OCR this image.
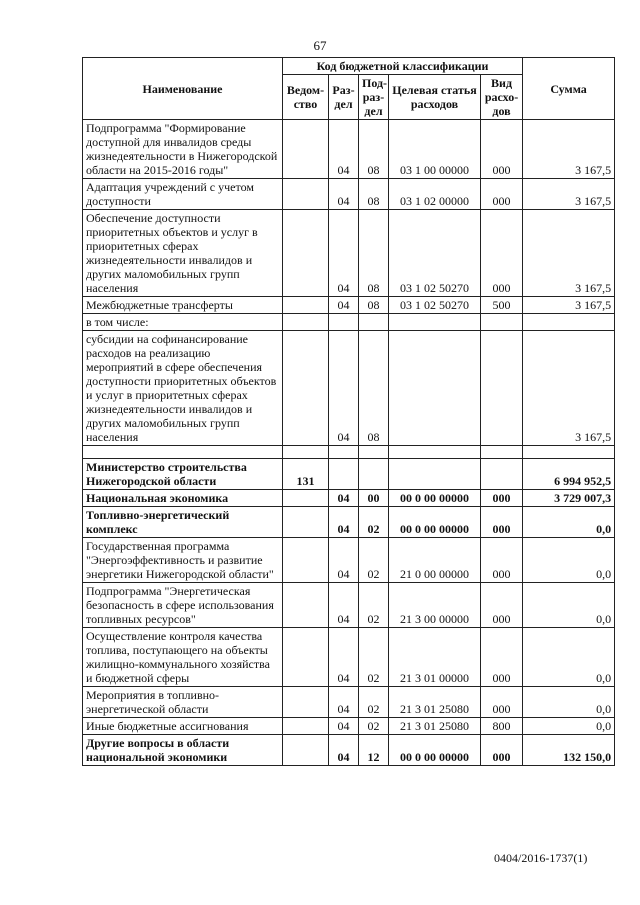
67
Наименование	Код бюджетной классификации					Сумма
	Ведом-ство	Раз-дел	Под-раз-дел	Целевая статья расходов	Вид расхо-дов	
Подпрограмма "Формирование доступной для инвалидов среды жизнедеятельности в Нижегородской области на 2015-2016 годы"		04	08	03 1 00 00000	000	3 167,5
Адаптация учреждений с учетом доступности		04	08	03 1 02 00000	000	3 167,5
Обеспечение доступности приоритетных объектов и услуг в приоритетных сферах жизнедеятельности инвалидов и других маломобильных групп населения		04	08	03 1 02 50270	000	3 167,5
Межбюджетные трансферты		04	08	03 1 02 50270	500	3 167,5
в том числе:						
субсидии на софинансирование расходов на реализацию мероприятий в сфере обеспечения доступности приоритетных объектов и услуг в приоритетных сферах жизнедеятельности инвалидов и других маломобильных групп населения		04	08			3 167,5

Министерство строительства Нижегородской области	131					6 994 952,5
Национальная экономика		04	00	00 0 00 00000	000	3 729 007,3
Топливно-энергетический комплекс		04	02	00 0 00 00000	000	0,0
Государственная программа "Энергоэффективность и развитие энергетики Нижегородской области"		04	02	21 0 00 00000	000	0,0
Подпрограмма "Энергетическая безопасность в сфере использования топливных ресурсов"		04	02	21 3 00 00000	000	0,0
Осуществление контроля качества топлива, поступающего на объекты жилищно-коммунального хозяйства и бюджетной сферы		04	02	21 3 01 00000	000	0,0
Мероприятия в топливно-энергетической области		04	02	21 3 01 25080	000	0,0
Иные бюджетные ассигнования		04	02	21 3 01 25080	800	0,0
Другие вопросы в области национальной экономики		04	12	00 0 00 00000	000	132 150,0
0404/2016-1737(1)
